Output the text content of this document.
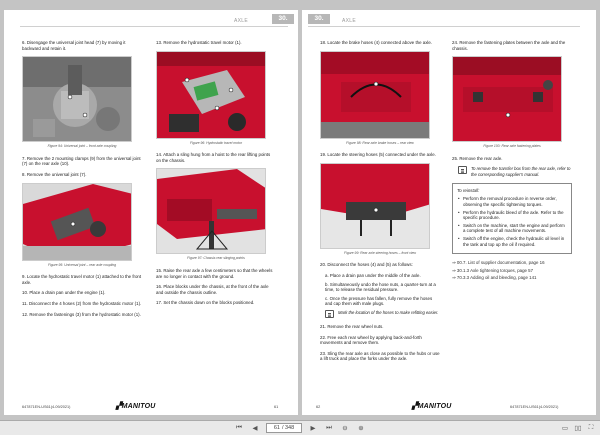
AXLE	30.
6. Disengage the universal joint head (7) by moving it backward and retain it.
Figure 94: Universal joint – front axle coupling
7. Remove the 2 mounting clamps (9) from the universal joint (7) on the rear axle (10).
8. Remove the universal joint (7).
Figure 95: Universal joint – rear axle coupling
9. Locate the hydrostatic travel motor (1) attached to the front axle.
10. Place a drain pan under the engine (1).
11. Disconnect the 4 hoses (2) from the hydrostatic motor (1).
12. Remove the fastenings (3) from the hydrostatic motor (1).
13. Remove the hydrostatic travel motor (1).
Figure 96: Hydrostatic travel motor
14. Attach a sling hung from a hoist to the rear lifting points on the chassis.
Figure 97: Chassis rear slinging points
15. Raise the rear axle a few centimeters so that the wheels are no longer in contact with the ground.
16. Place blocks under the chassis, at the front of the axle and outside the chassis outline.
17. Set the chassis down on the blocks positioned.
647871EN-US61(4-09/2021)	▞MANITOU	61
30.	AXLE
18. Locate the brake hoses (4) connected above the axle.
Figure 98: Rear axle brake hoses – rear view
19. Locate the steering hoses (5) connected under the axle.
Figure 99: Rear axle steering hoses – front view
20. Disconnect the hoses (4) and (5) as follows:
a. Place a drain pan under the middle of the axle.
b. Simultaneously undo the hose nuts, a quarter-turn at a time, to release the residual pressure.
c. Once the pressure has fallen, fully remove the hoses and cap them with male plugs.
Mark the location of the hoses to make refitting easier.
21. Remove the rear wheel nuts.
22. Free each rear wheel by applying back-and-forth movements and remove them.
23. Sling the rear axle as close as possible to the hubs or use a lift truck and place the forks under the axle.
24. Remove the fastening plates between the axle and the chassis.
Figure 100: Rear axle fastening plates
25. Remove the rear axle.
To remove the transfer box from the rear axle, refer to the corresponding supplier's manual.
To reinstall:
• Perform the removal procedure in reverse order, observing the specific tightening torques.
• Perform the hydraulic bleed of the axle. Refer to the specific procedure.
• Switch on the machine, start the engine and perform a complete test of all machine movements.
• Switch off the engine, check the hydraulic oil level in the tank and top up the oil if required.
⇒ 00.7. List of supplier documentation, page 16
⇒ 30.1.3 Axle tightening torques, page 57
⇒ 70.3.3 Adding oil and bleeding, page 141
62	▞MANITOU	647871EN-US61(4-09/2021)
⏮	◀	61 / 348	▶	⏭	⊖	⊕	▭ ▯▯	⛶
